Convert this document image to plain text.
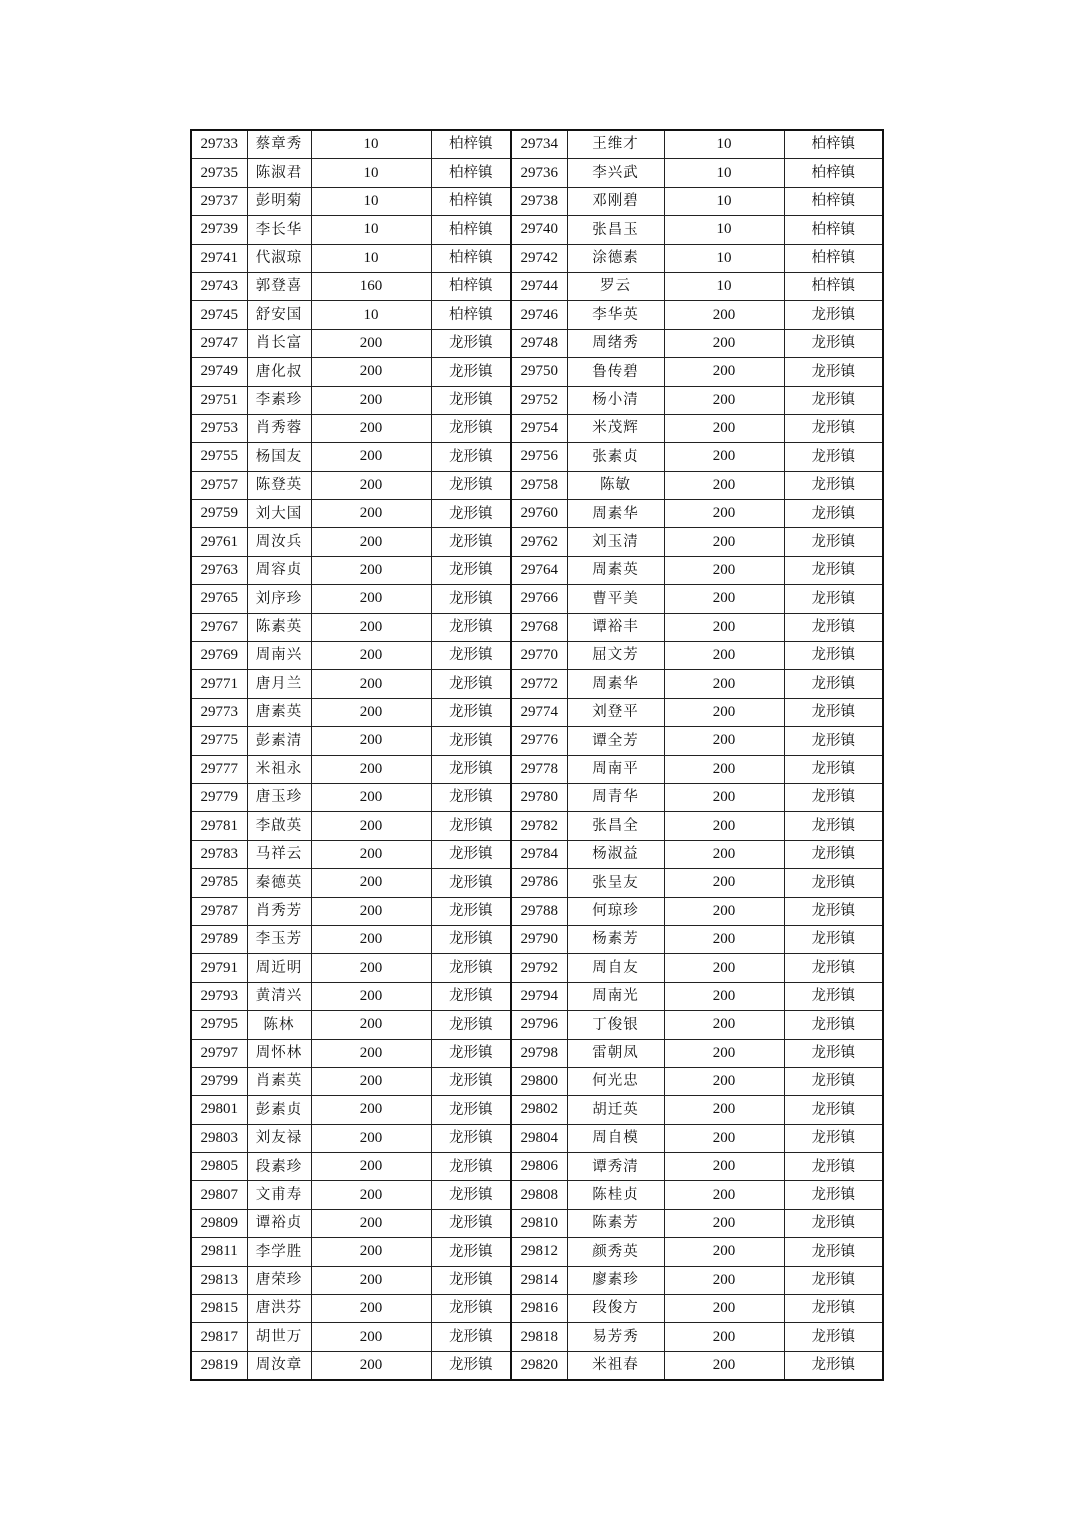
29733	蔡章秀	10	柏梓镇	29734	王维才	10	柏梓镇
29735	陈淑君	10	柏梓镇	29736	李兴武	10	柏梓镇
29737	彭明菊	10	柏梓镇	29738	邓刚碧	10	柏梓镇
29739	李长华	10	柏梓镇	29740	张昌玉	10	柏梓镇
29741	代淑琼	10	柏梓镇	29742	涂德素	10	柏梓镇
29743	郭登喜	160	柏梓镇	29744	罗云	10	柏梓镇
29745	舒安国	10	柏梓镇	29746	李华英	200	龙形镇
29747	肖长富	200	龙形镇	29748	周绪秀	200	龙形镇
29749	唐化叔	200	龙形镇	29750	鲁传碧	200	龙形镇
29751	李素珍	200	龙形镇	29752	杨小清	200	龙形镇
29753	肖秀蓉	200	龙形镇	29754	米茂辉	200	龙形镇
29755	杨国友	200	龙形镇	29756	张素贞	200	龙形镇
29757	陈登英	200	龙形镇	29758	陈敏	200	龙形镇
29759	刘大国	200	龙形镇	29760	周素华	200	龙形镇
29761	周汝兵	200	龙形镇	29762	刘玉清	200	龙形镇
29763	周容贞	200	龙形镇	29764	周素英	200	龙形镇
29765	刘序珍	200	龙形镇	29766	曹平美	200	龙形镇
29767	陈素英	200	龙形镇	29768	谭裕丰	200	龙形镇
29769	周南兴	200	龙形镇	29770	屈文芳	200	龙形镇
29771	唐月兰	200	龙形镇	29772	周素华	200	龙形镇
29773	唐素英	200	龙形镇	29774	刘登平	200	龙形镇
29775	彭素清	200	龙形镇	29776	谭全芳	200	龙形镇
29777	米祖永	200	龙形镇	29778	周南平	200	龙形镇
29779	唐玉珍	200	龙形镇	29780	周青华	200	龙形镇
29781	李啟英	200	龙形镇	29782	张昌全	200	龙形镇
29783	马祥云	200	龙形镇	29784	杨淑益	200	龙形镇
29785	秦德英	200	龙形镇	29786	张呈友	200	龙形镇
29787	肖秀芳	200	龙形镇	29788	何琼珍	200	龙形镇
29789	李玉芳	200	龙形镇	29790	杨素芳	200	龙形镇
29791	周近明	200	龙形镇	29792	周自友	200	龙形镇
29793	黄清兴	200	龙形镇	29794	周南光	200	龙形镇
29795	陈林	200	龙形镇	29796	丁俊银	200	龙形镇
29797	周怀林	200	龙形镇	29798	雷朝凤	200	龙形镇
29799	肖素英	200	龙形镇	29800	何光忠	200	龙形镇
29801	彭素贞	200	龙形镇	29802	胡迁英	200	龙形镇
29803	刘友禄	200	龙形镇	29804	周自模	200	龙形镇
29805	段素珍	200	龙形镇	29806	谭秀清	200	龙形镇
29807	文甫寿	200	龙形镇	29808	陈桂贞	200	龙形镇
29809	谭裕贞	200	龙形镇	29810	陈素芳	200	龙形镇
29811	李学胜	200	龙形镇	29812	颜秀英	200	龙形镇
29813	唐荣珍	200	龙形镇	29814	廖素珍	200	龙形镇
29815	唐洪芬	200	龙形镇	29816	段俊方	200	龙形镇
29817	胡世万	200	龙形镇	29818	易芳秀	200	龙形镇
29819	周汝章	200	龙形镇	29820	米祖春	200	龙形镇
